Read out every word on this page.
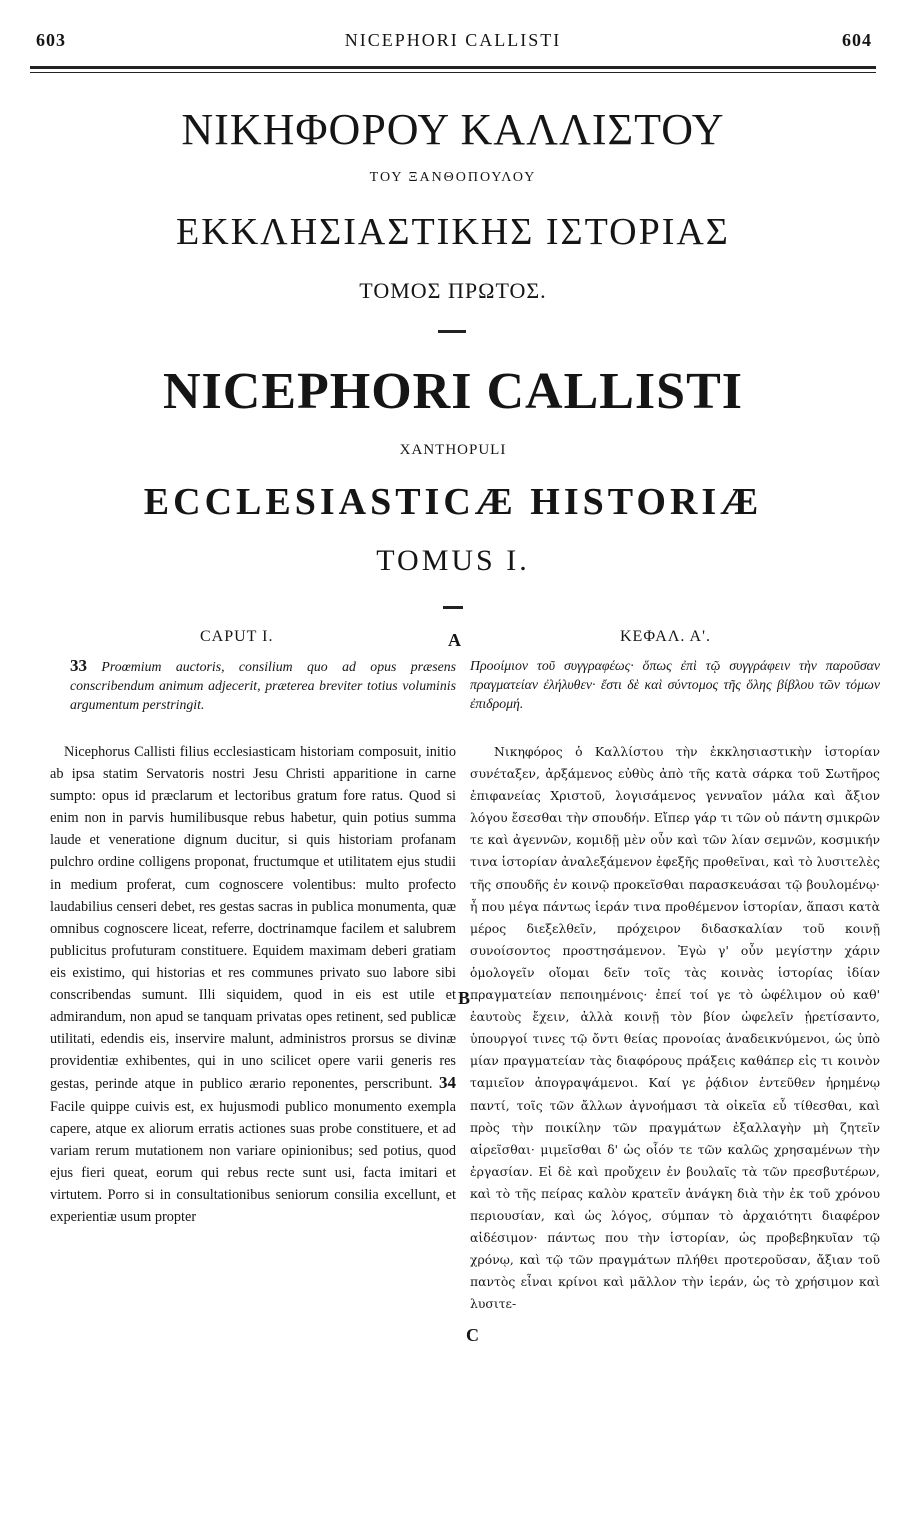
603	NICEPHORI CALLISTI	604
ΝΙΚΗΦΟΡΟΥ ΚΑΛΛΙΣΤΟΥ
ΤΟΥ ΞΑΝΘΟΠΟΥΛΟΥ
ΕΚΚΛΗΣΙΑΣΤΙΚΗΣ ΙΣΤΟΡΙΑΣ
ΤΟΜΟΣ ΠΡΩΤΟΣ.
NICEPHORI CALLISTI
XANTHOPULI
ECCLESIASTICÆ HISTORIÆ
TOMUS I.
CAPUT I.	ΚΕΦΑΛ. Α'.
A
B
C
33 Proœmium auctoris, consilium quo ad opus præsens conscribendum animum adjecerit, præterea breviter totius voluminis argumentum perstringit.
Προοίμιον τοῦ συγγραφέως· ὅπως ἐπὶ τῷ συγγράφειν τὴν παροῦσαν πραγματείαν ἐλήλυθεν· ἔστι δὲ καὶ σύντομος τῆς ὅλης βίβλου τῶν τόμων ἐπιδρομή.
Nicephorus Callisti filius ecclesiasticam historiam composuit, initio ab ipsa statim Servatoris nostri Jesu Christi apparitione in carne sumpto: opus id præclarum et lectoribus gratum fore ratus. Quod si enim non in parvis humilibusque rebus habetur, quin potius summa laude et veneratione dignum ducitur, si quis historiam profanam pulchro ordine colligens proponat, fructumque et utilitatem ejus studii in medium proferat, cum cognoscere volentibus: multo profecto laudabilius censeri debet, res gestas sacras in publica monumenta, quæ omnibus cognoscere liceat, referre, doctrinamque facilem et salubrem publicitus profuturam constituere. Equidem maximam deberi gratiam eis existimo, qui historias et res communes privato suo labore sibi conscribendas sumunt. Illi siquidem, quod in eis est utile et admirandum, non apud se tanquam privatas opes retinent, sed publicæ utilitati, edendis eis, inservire malunt, administros prorsus se divinæ providentiæ exhibentes, qui in uno scilicet opere varii generis res gestas, perinde atque in publico ærario reponentes, perscribunt. 34 Facile quippe cuivis est, ex hujusmodi publico monumento exempla capere, atque ex aliorum erratis actiones suas probe constituere, et ad variam rerum mutationem non variare opinionibus; sed potius, quod ejus fieri queat, eorum qui rebus recte sunt usi, facta imitari et virtutem. Porro si in consultationibus seniorum consilia excellunt, et experientiæ usum propter
Νικηφόρος ὁ Καλλίστου τὴν ἐκκλησιαστικὴν ἱστορίαν συνέταξεν, ἀρξάμενος εὐθὺς ἀπὸ τῆς κατὰ σάρκα τοῦ Σωτῆρος ἐπιφανείας Χριστοῦ, λογισάμενος γενναῖον μάλα καὶ ἄξιον λόγου ἔσεσθαι τὴν σπουδήν. Εἴπερ γάρ τι τῶν οὐ πάντη σμικρῶν τε καὶ ἀγεννῶν, κομιδῇ μὲν οὖν καὶ τῶν λίαν σεμνῶν, κοσμικήν τινα ἱστορίαν ἀναλεξάμενον ἐφεξῆς προθεῖναι, καὶ τὸ λυσιτελὲς τῆς σπουδῆς ἐν κοινῷ προκεῖσθαι παρασκευάσαι τῷ βουλομένῳ· ἦ που μέγα πάντως ἱεράν τινα προθέμενον ἱστορίαν, ἅπασι κατὰ μέρος διεξελθεῖν, πρόχειρον διδασκαλίαν τοῦ κοινῇ συνοίσοντος προστησάμενον. Ἐγὼ γ' οὖν μεγίστην χάριν ὁμολογεῖν οἴομαι δεῖν τοῖς τὰς κοινὰς ἱστορίας ἰδίαν πραγματείαν πεποιημένοις· ἐπεί τοί γε τὸ ὠφέλιμον οὐ καθ' ἑαυτοὺς ἔχειν, ἀλλὰ κοινῇ τὸν βίον ὠφελεῖν ᾑρετίσαντο, ὑπουργοί τινες τῷ ὄντι θείας προνοίας ἀναδεικνύμενοι, ὡς ὑπὸ μίαν πραγματείαν τὰς διαφόρους πράξεις καθάπερ εἰς τι κοινὸν ταμιεῖον ἀπογραψάμενοι. Καί γε ῥᾴδιον ἐντεῦθεν ἡρημένῳ παντί, τοῖς τῶν ἄλλων ἀγνοήμασι τὰ οἰκεῖα εὖ τίθεσθαι, καὶ πρὸς τὴν ποικίλην τῶν πραγμάτων ἐξαλλαγὴν μὴ ζητεῖν αἱρεῖσθαι· μιμεῖσθαι δ' ὡς οἷόν τε τῶν καλῶς χρησαμένων τὴν ἐργασίαν. Εἰ δὲ καὶ προὔχειν ἐν βουλαῖς τὰ τῶν πρεσβυτέρων, καὶ τὸ τῆς πείρας καλὸν κρατεῖν ἀνάγκη διὰ τὴν ἐκ τοῦ χρόνου περιουσίαν, καὶ ὡς λόγος, σύμπαν τὸ ἀρχαιότητι διαφέρον αἰδέσιμον· πάντως που τὴν ἱστορίαν, ὡς προβεβηκυῖαν τῷ χρόνῳ, καὶ τῷ τῶν πραγμάτων πλήθει προτεροῦσαν, ἄξιαν τοῦ παντὸς εἶναι κρίνοι καὶ μᾶλλον τὴν ἱεράν, ὡς τὸ χρήσιμον καὶ λυσιτε-
